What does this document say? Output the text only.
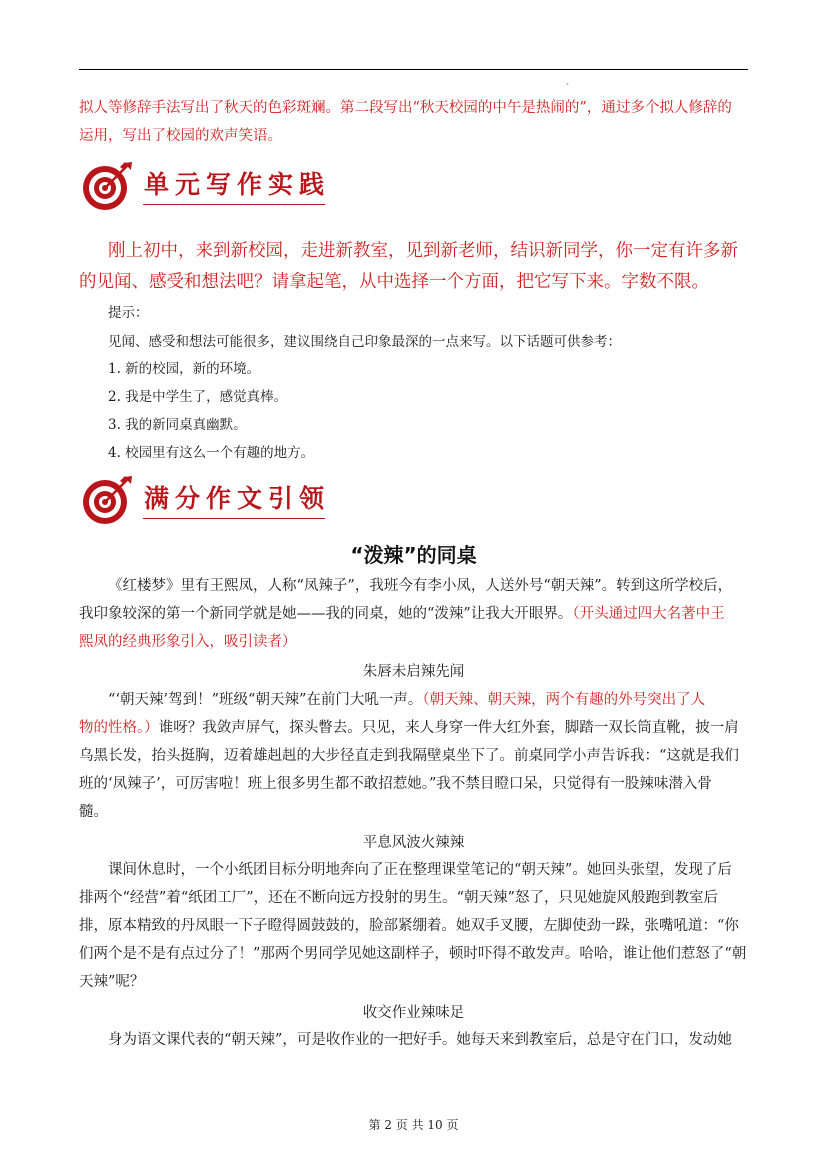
、

拟人等修辞手法写出了秋天的色彩斑斓。第二段写出“秋天校园的中午是热闹的”，通过多个拟人修辞的

运用，写出了校园的欢声笑语。

单元写作实践
刚上初中，来到新校园，走进新教室，见到新老师，结识新同学，你一定有许多新
的见闻、感受和想法吧？请拿起笔，从中选择一个方面，把它写下来。字数不限。
提示：
见闻、感受和想法可能很多，建议围绕自己印象最深的一点来写。以下话题可供参考：
1. 新的校园，新的环境。
2. 我是中学生了，感觉真棒。
3. 我的新同桌真幽默。
4. 校园里有这么一个有趣的地方。
满分作文引领
“泼辣”的同桌

《红楼梦》里有王熙凤，人称“凤辣子”，我班今有李小凤，人送外号“朝天辣”。转到这所学校后，

我印象较深的第一个新同学就是她——我的同桌，她的“泼辣”让我大开眼界。（开头通过四大名著中王

熙凤的经典形象引入，吸引读者）

朱唇未启辣先闻

“‘朝天辣’驾到！”班级“朝天辣”在前门大吼一声。（朝天辣、朝天辣，两个有趣的外号突出了人

物的性格。）谁呀？我敛声屏气，探头瞥去。只见，来人身穿一件大红外套，脚踏一双长筒直靴，披一肩

乌黑长发，抬头挺胸，迈着雄赳赳的大步径直走到我隔壁桌坐下了。前桌同学小声告诉我：“这就是我们

班的‘凤辣子’，可厉害啦！班上很多男生都不敢招惹她。”我不禁目瞪口呆，只觉得有一股辣味潜入骨

髓。

平息风波火辣辣

课间休息时，一个小纸团目标分明地奔向了正在整理课堂笔记的“朝天辣”。她回头张望，发现了后

排两个“经营”着“纸团工厂”，还在不断向远方投射的男生。“朝天辣”怒了，只见她旋风般跑到教室后

排，原本精致的丹凤眼一下子瞪得圆鼓鼓的，脸部紧绷着。她双手叉腰，左脚使劲一跺，张嘴吼道：“你

们两个是不是有点过分了！”那两个男同学见她这副样子，顿时吓得不敢发声。哈哈，谁让他们惹怒了“朝

天辣”呢？

收交作业辣味足

身为语文课代表的“朝天辣”，可是收作业的一把好手。她每天来到教室后，总是守在门口，发动她

第 2 页 共 10 页
